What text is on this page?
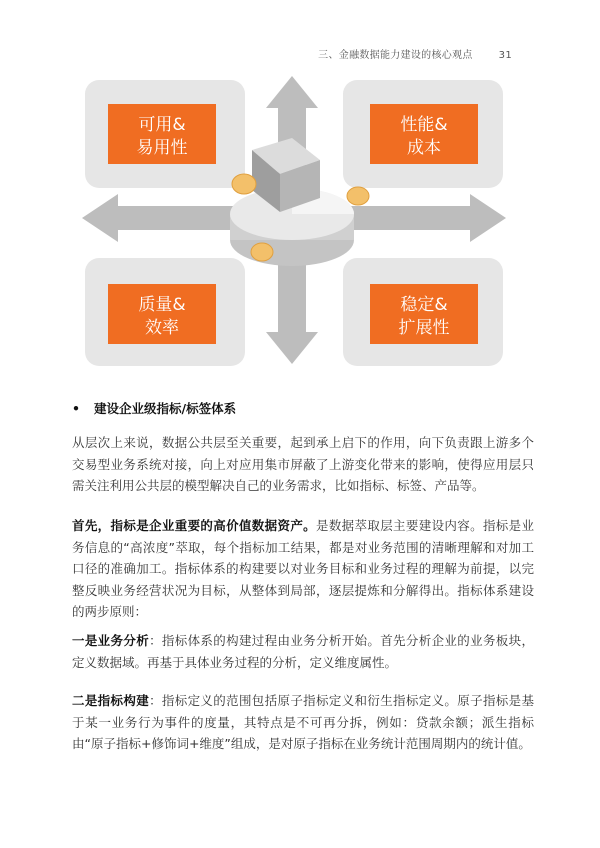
三、金融数据能力建设的核心观点	31
可用&
易用性
性能&
成本
质量&
效率
稳定&
扩展性
• 建设企业级指标/标签体系
从层次上来说，数据公共层至关重要，起到承上启下的作用，向下负责跟上游多个交易型业务系统对接，向上对应用集市屏蔽了上游变化带来的影响，使得应用层只需关注利用公共层的模型解决自己的业务需求，比如指标、标签、产品等。
首先，指标是企业重要的高价值数据资产。是数据萃取层主要建设内容。指标是业务信息的“高浓度”萃取，每个指标加工结果，都是对业务范围的清晰理解和对加工口径的准确加工。指标体系的构建要以对业务目标和业务过程的理解为前提，以完整反映业务经营状况为目标，从整体到局部，逐层提炼和分解得出。指标体系建设的两步原则：
一是业务分析：指标体系的构建过程由业务分析开始。首先分析企业的业务板块，定义数据域。再基于具体业务过程的分析，定义维度属性。
二是指标构建：指标定义的范围包括原子指标定义和衍生指标定义。原子指标是基于某一业务行为事件的度量，其特点是不可再分拆，例如：贷款余额；派生指标由“原子指标+修饰词+维度”组成，是对原子指标在业务统计范围周期内的统计值。
